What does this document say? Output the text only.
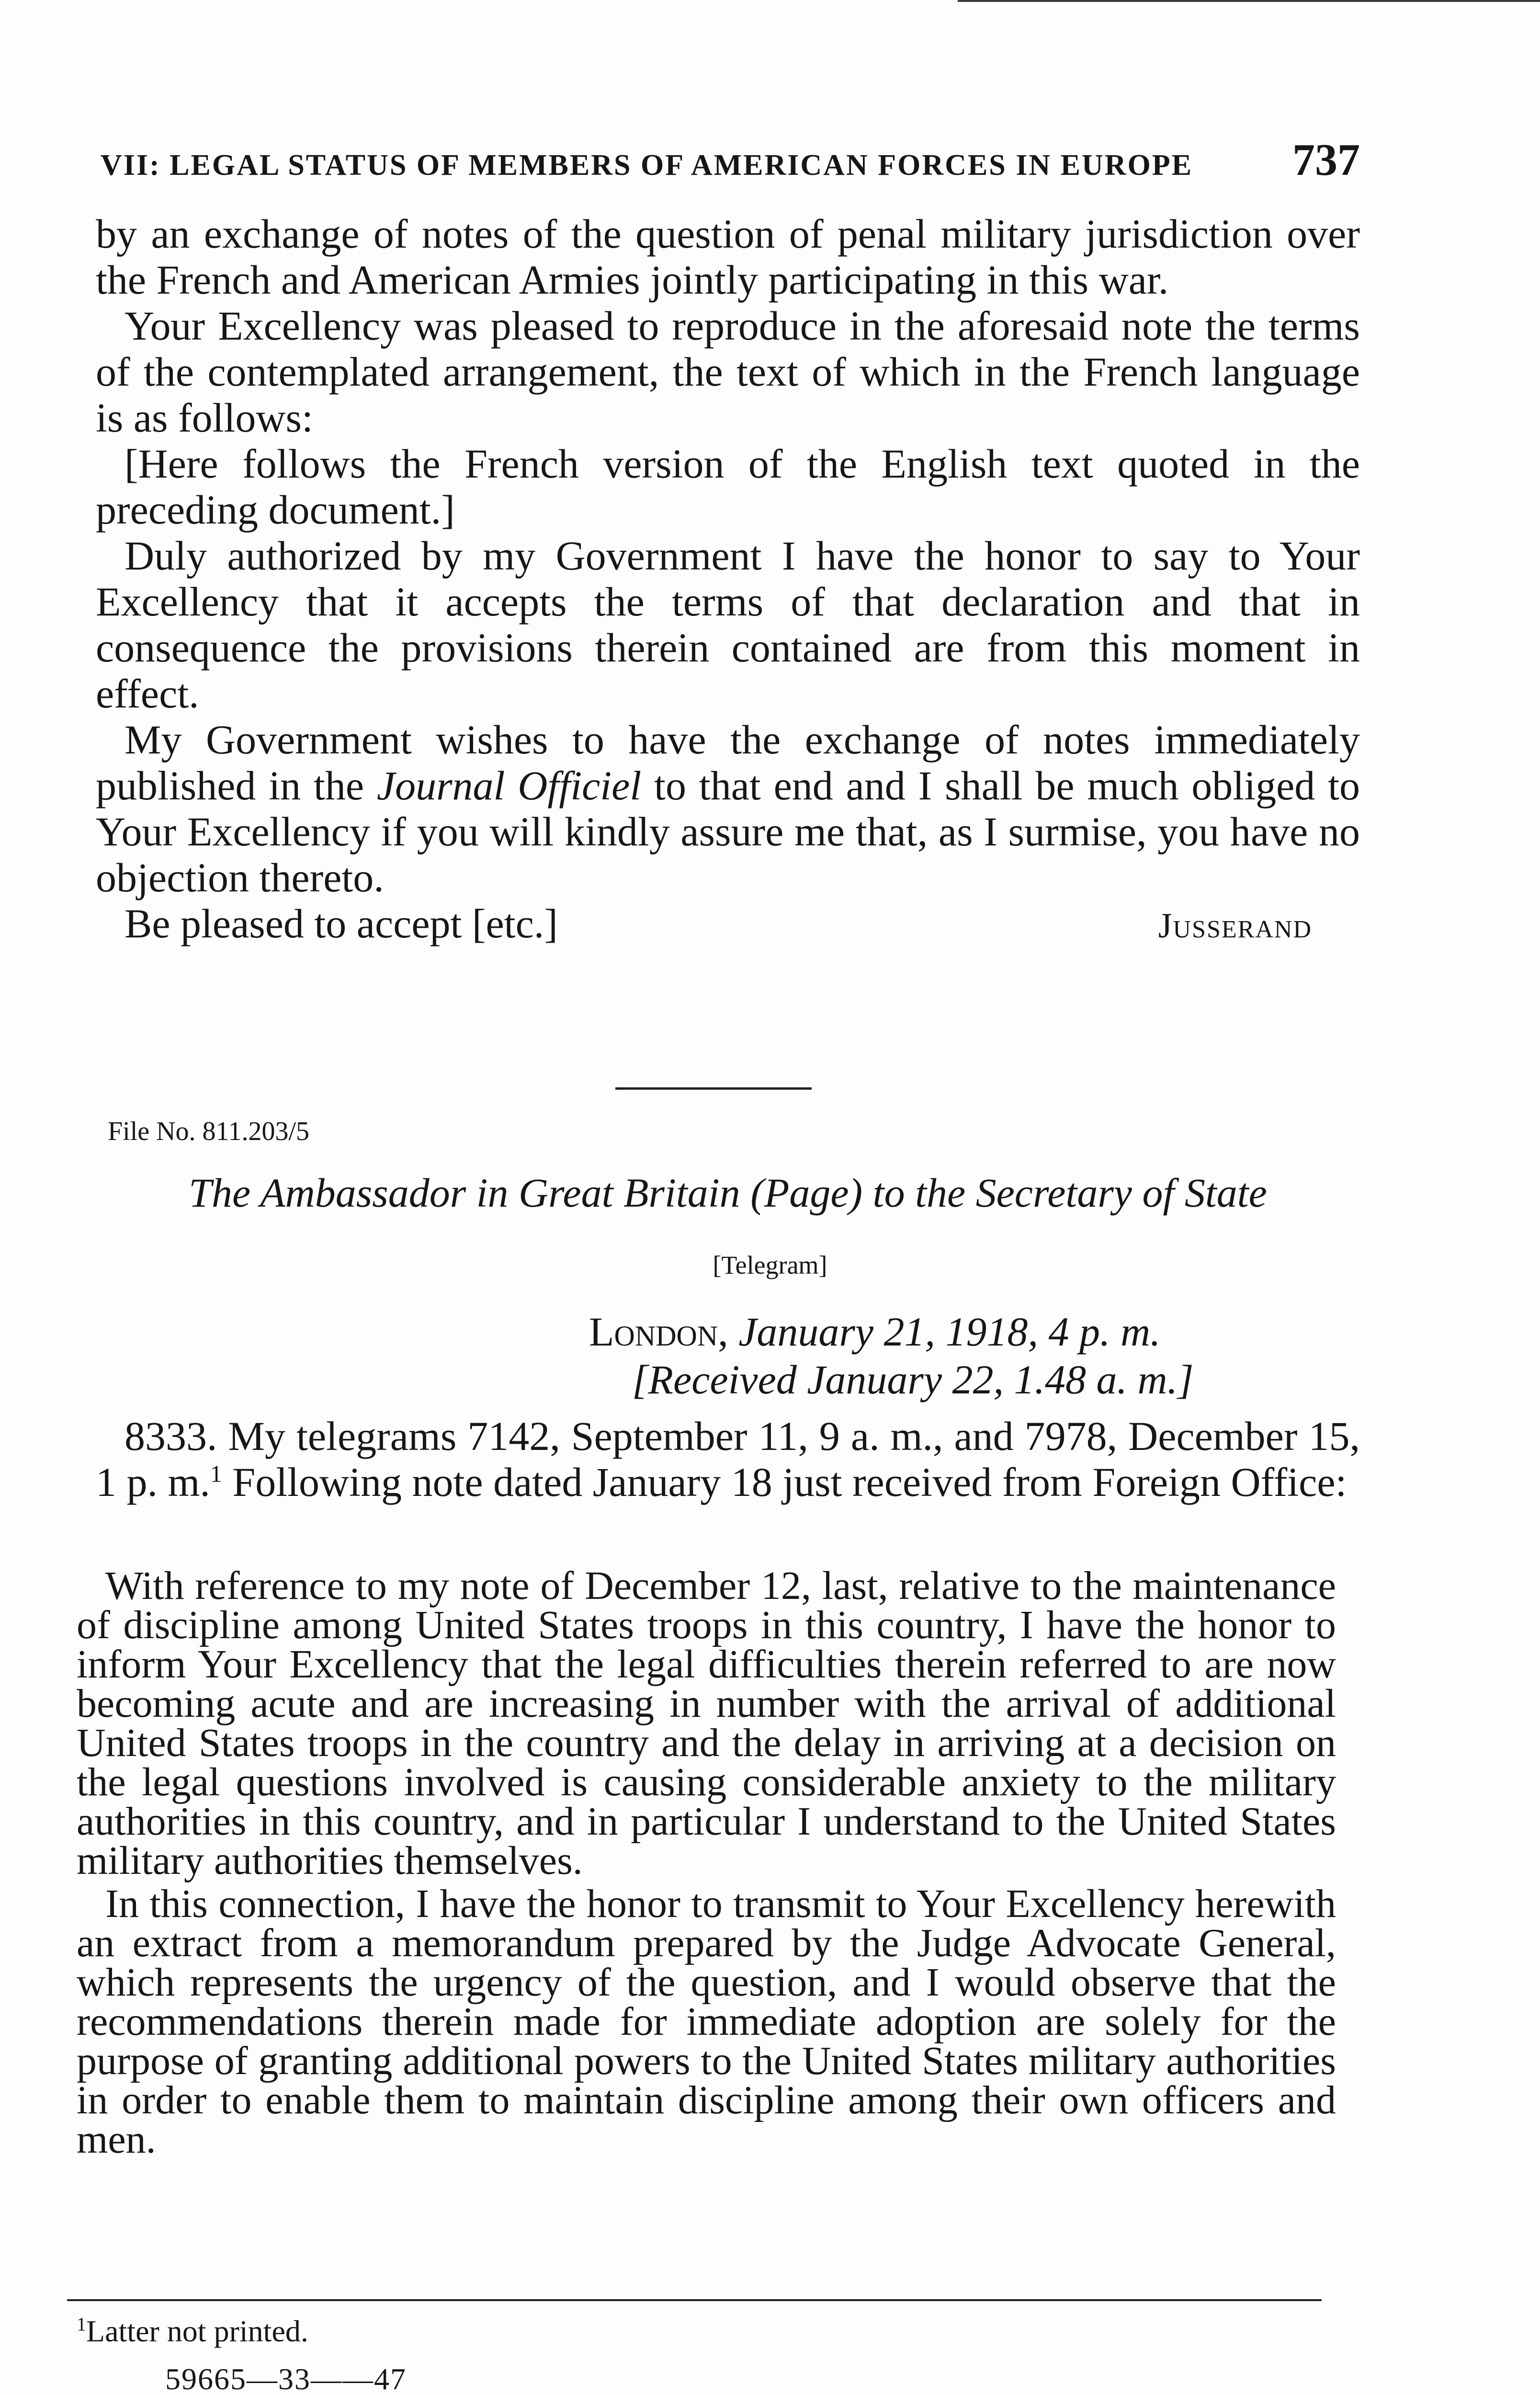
VII: LEGAL STATUS OF MEMBERS OF AMERICAN FORCES IN EUROPE 737

by an exchange of notes of the question of penal military jurisdiction over the French and American Armies jointly participating in this war.

Your Excellency was pleased to reproduce in the aforesaid note the terms of the contemplated arrangement, the text of which in the French language is as follows:

[Here follows the French version of the English text quoted in the preceding document.]

Duly authorized by my Government I have the honor to say to Your Excellency that it accepts the terms of that declaration and that in consequence the provisions therein contained are from this moment in effect.

My Government wishes to have the exchange of notes immediately published in the Journal Officiel to that end and I shall be much obliged to Your Excellency if you will kindly assure me that, as I surmise, you have no objection thereto.

Be pleased to accept [etc.]	Jusserand
File No. 811.203/5
The Ambassador in Great Britain (Page) to the Secretary of State
[Telegram]
London, January 21, 1918, 4 p. m.
[Received January 22, 1.48 a. m.]

8333. My telegrams 7142, September 11, 9 a. m., and 7978, December 15, 1 p. m.$^1$ Following note dated January 18 just received from Foreign Office:

With reference to my note of December 12, last, relative to the maintenance of discipline among United States troops in this country, I have the honor to inform Your Excellency that the legal difficulties therein referred to are now becoming acute and are increasing in number with the arrival of additional United States troops in the country and the delay in arriving at a decision on the legal questions involved is causing considerable anxiety to the military authorities in this country, and in particular I understand to the United States military authorities themselves.

In this connection, I have the honor to transmit to Your Excellency herewith an extract from a memorandum prepared by the Judge Advocate General, which represents the urgency of the question, and I would observe that the recommendations therein made for immediate adoption are solely for the purpose of granting additional powers to the United States military authorities in order to enable them to maintain discipline among their own officers and men.

$^1$Latter not printed.
59665—33——47
